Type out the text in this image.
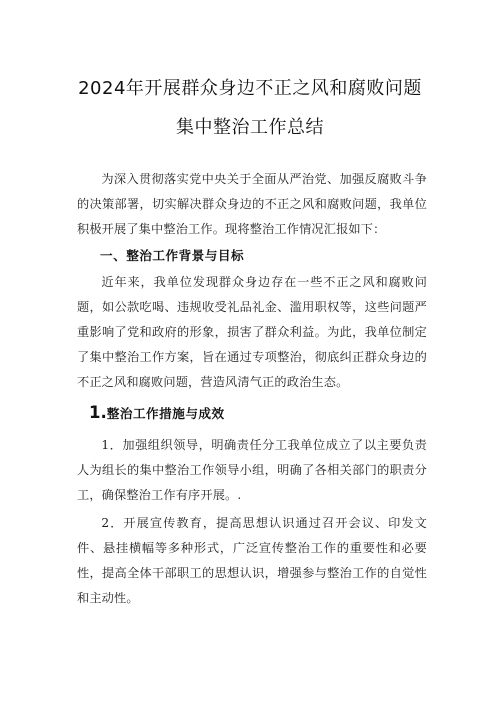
2024年开展群众身边不正之风和腐败问题
集中整治工作总结

为深入贯彻落实党中央关于全面从严治党、加强反腐败斗争的决策部署，切实解决群众身边的不正之风和腐败问题，我单位积极开展了集中整治工作。现将整治工作情况汇报如下：

一、整治工作背景与目标

近年来，我单位发现群众身边存在一些不正之风和腐败问题，如公款吃喝、违规收受礼品礼金、滥用职权等，这些问题严重影响了党和政府的形象，损害了群众利益。为此，我单位制定了集中整治工作方案，旨在通过专项整治，彻底纠正群众身边的不正之风和腐败问题，营造风清气正的政治生态。

1.整治工作措施与成效

1．加强组织领导，明确责任分工我单位成立了以主要负责人为组长的集中整治工作领导小组，明确了各相关部门的职责分工，确保整治工作有序开展。.

2．开展宣传教育，提高思想认识通过召开会议、印发文件、悬挂横幅等多种形式，广泛宣传整治工作的重要性和必要性，提高全体干部职工的思想认识，增强参与整治工作的自觉性和主动性。
